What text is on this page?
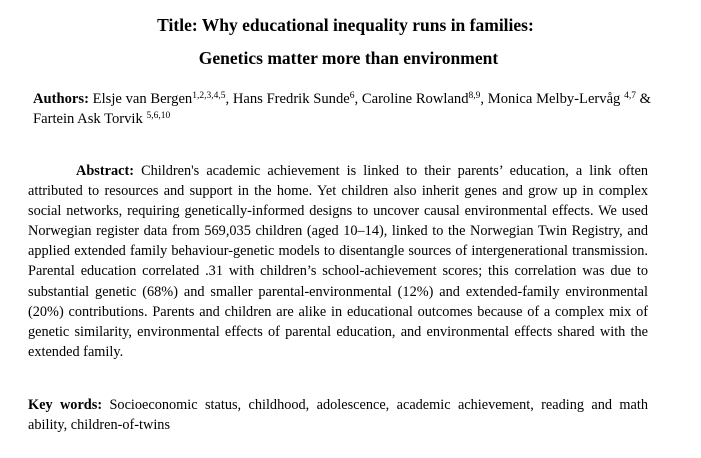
Title: Why educational inequality runs in families:
Genetics matter more than environment
Authors: Elsje van Bergen$^{1,2,3,4,5}$, Hans Fredrik Sunde$^6$, Caroline Rowland$^{8,9}$, Monica Melby-Lervåg $^{4,7}$ & Fartein Ask Torvik $^{5,6,10}$
Abstract: Children's academic achievement is linked to their parents’ education, a link often attributed to resources and support in the home. Yet children also inherit genes and grow up in complex social networks, requiring genetically-informed designs to uncover causal environmental effects. We used Norwegian register data from 569,035 children (aged 10–14), linked to the Norwegian Twin Registry, and applied extended family behaviour-genetic models to disentangle sources of intergenerational transmission. Parental education correlated .31 with children’s school-achievement scores; this correlation was due to substantial genetic (68%) and smaller parental-environmental (12%) and extended-family environmental (20%) contributions. Parents and children are alike in educational outcomes because of a complex mix of genetic similarity, environmental effects of parental education, and environmental effects shared with the extended family.
Key words: Socioeconomic status, childhood, adolescence, academic achievement, reading and math ability, children-of-twins
